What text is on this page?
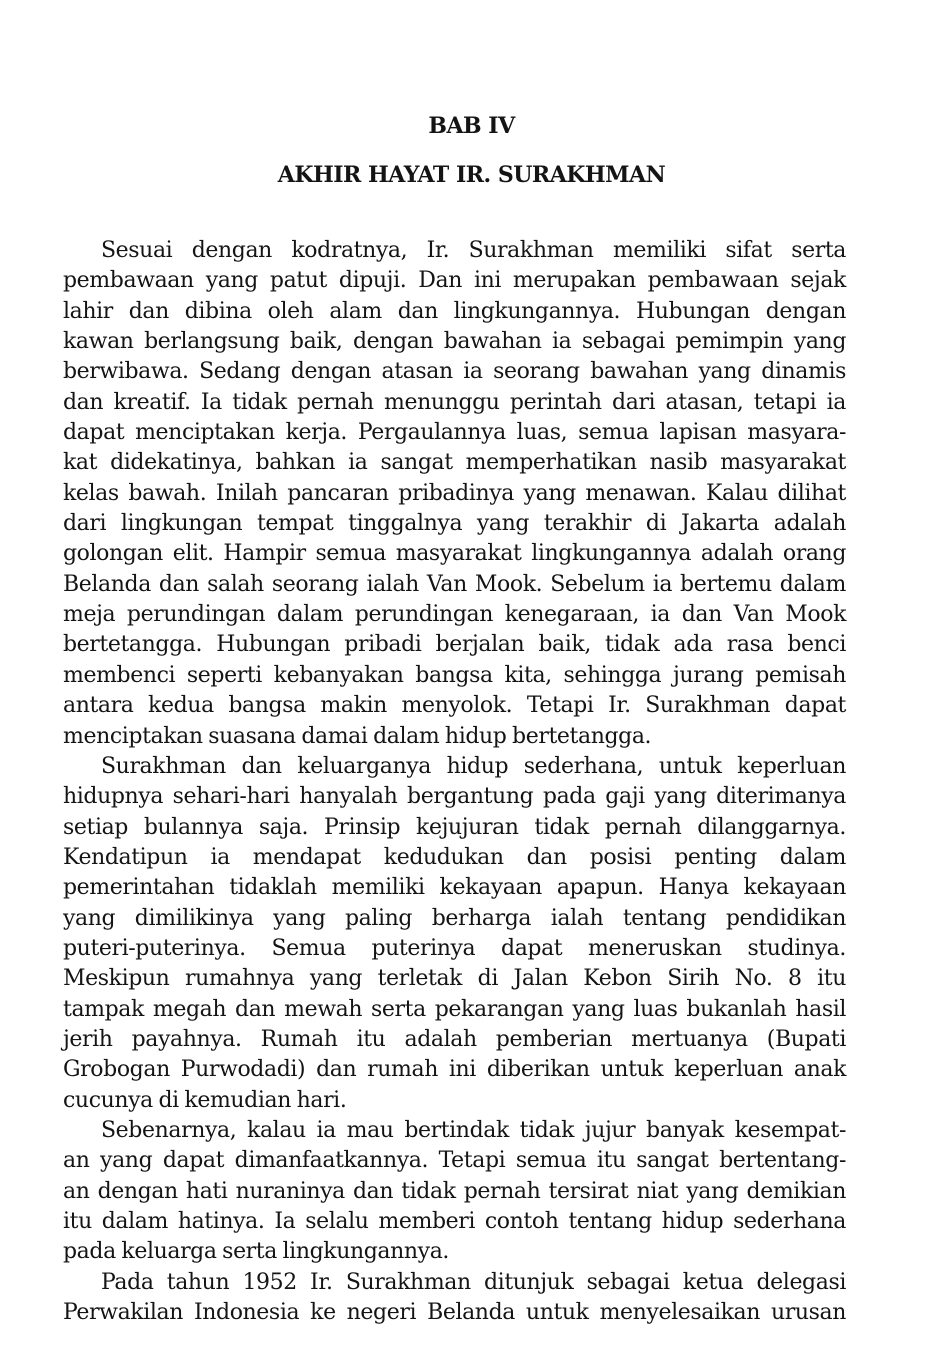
BAB IV
AKHIR HAYAT IR. SURAKHMAN

Sesuai dengan kodratnya, Ir. Surakhman memiliki sifat serta
pembawaan yang patut dipuji. Dan ini merupakan pembawaan sejak
lahir dan dibina oleh alam dan lingkungannya. Hubungan dengan
kawan berlangsung baik, dengan bawahan ia sebagai pemimpin yang
berwibawa. Sedang dengan atasan ia seorang bawahan yang dinamis
dan kreatif. Ia tidak pernah menunggu perintah dari atasan, tetapi ia
dapat menciptakan kerja. Pergaulannya luas, semua lapisan masyara-
kat didekatinya, bahkan ia sangat memperhatikan nasib masyarakat
kelas bawah. Inilah pancaran pribadinya yang menawan. Kalau dilihat
dari lingkungan tempat tinggalnya yang terakhir di Jakarta adalah
golongan elit. Hampir semua masyarakat lingkungannya adalah orang
Belanda dan salah seorang ialah Van Mook. Sebelum ia bertemu dalam
meja perundingan dalam perundingan kenegaraan, ia dan Van Mook
bertetangga. Hubungan pribadi berjalan baik, tidak ada rasa benci
membenci seperti kebanyakan bangsa kita, sehingga jurang pemisah
antara kedua bangsa makin menyolok. Tetapi Ir. Surakhman dapat
menciptakan suasana damai dalam hidup bertetangga.

Surakhman dan keluarganya hidup sederhana, untuk keperluan
hidupnya sehari-hari hanyalah bergantung pada gaji yang diterimanya
setiap bulannya saja. Prinsip kejujuran tidak pernah dilanggarnya.
Kendatipun ia mendapat kedudukan dan posisi penting dalam
pemerintahan tidaklah memiliki kekayaan apapun. Hanya kekayaan
yang dimilikinya yang paling berharga ialah tentang pendidikan
puteri-puterinya. Semua puterinya dapat meneruskan studinya.
Meskipun rumahnya yang terletak di Jalan Kebon Sirih No. 8 itu
tampak megah dan mewah serta pekarangan yang luas bukanlah hasil
jerih payahnya. Rumah itu adalah pemberian mertuanya (Bupati
Grobogan Purwodadi) dan rumah ini diberikan untuk keperluan anak
cucunya di kemudian hari.

Sebenarnya, kalau ia mau bertindak tidak jujur banyak kesempat-
an yang dapat dimanfaatkannya. Tetapi semua itu sangat bertentang-
an dengan hati nuraninya dan tidak pernah tersirat niat yang demikian
itu dalam hatinya. Ia selalu memberi contoh tentang hidup sederhana
pada keluarga serta lingkungannya.

Pada tahun 1952 Ir. Surakhman ditunjuk sebagai ketua delegasi
Perwakilan Indonesia ke negeri Belanda untuk menyelesaikan urusan
